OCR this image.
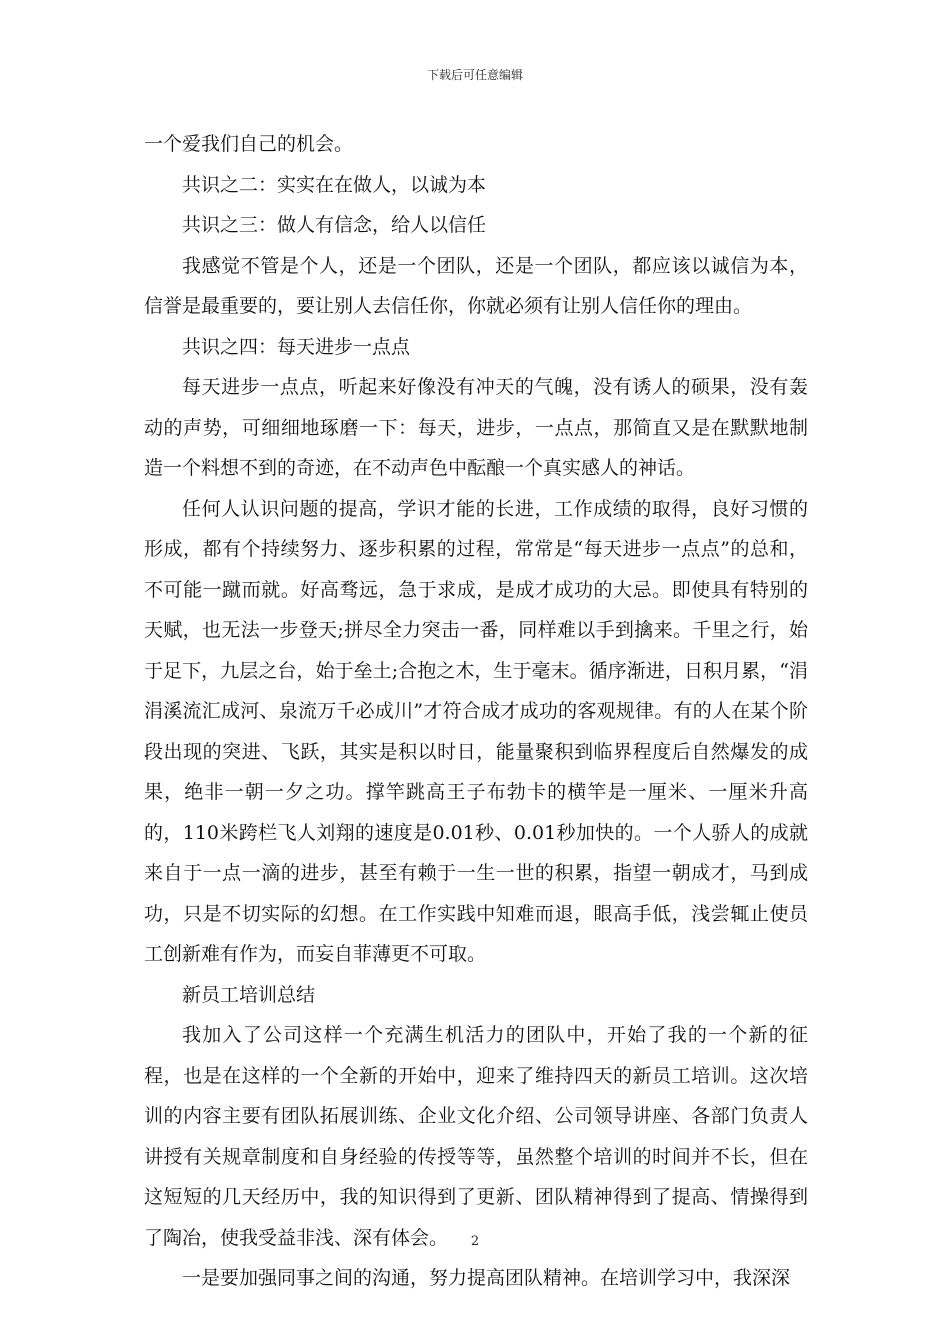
下载后可任意编辑

一个爱我们自己的机会。

共识之二：实实在在做人，以诚为本

共识之三：做人有信念，给人以信任

我感觉不管是个人，还是一个团队，还是一个团队，都应该以诚信为本，信誉是最重要的，要让别人去信任你，你就必须有让别人信任你的理由。

共识之四：每天进步一点点

每天进步一点点，听起来好像没有冲天的气魄，没有诱人的硕果，没有轰动的声势，可细细地琢磨一下：每天，进步，一点点，那简直又是在默默地制造一个料想不到的奇迹，在不动声色中酝酿一个真实感人的神话。

任何人认识问题的提高，学识才能的长进，工作成绩的取得，良好习惯的形成，都有个持续努力、逐步积累的过程，常常是“每天进步一点点”的总和，不可能一蹴而就。好高骛远，急于求成，是成才成功的大忌。即使具有特别的天赋，也无法一步登天;拼尽全力突击一番，同样难以手到擒来。千里之行，始于足下，九层之台，始于垒土;合抱之木，生于毫末。循序渐进，日积月累，“涓涓溪流汇成河、泉流万千必成川”才符合成才成功的客观规律。有的人在某个阶段出现的突进、飞跃，其实是积以时日，能量聚积到临界程度后自然爆发的成果，绝非一朝一夕之功。撑竿跳高王子布勃卡的横竿是一厘米、一厘米升高的，110米跨栏飞人刘翔的速度是0.01秒、0.01秒加快的。一个人骄人的成就来自于一点一滴的进步，甚至有赖于一生一世的积累，指望一朝成才，马到成功，只是不切实际的幻想。在工作实践中知难而退，眼高手低，浅尝辄止使员工创新难有作为，而妄自菲薄更不可取。

新员工培训总结

我加入了公司这样一个充满生机活力的团队中，开始了我的一个新的征程，也是在这样的一个全新的开始中，迎来了维持四天的新员工培训。这次培训的内容主要有团队拓展训练、企业文化介绍、公司领导讲座、各部门负责人讲授有关规章制度和自身经验的传授等等，虽然整个培训的时间并不长，但在这短短的几天经历中，我的知识得到了更新、团队精神得到了提高、情操得到了陶冶，使我受益非浅、深有体会。

一是要加强同事之间的沟通，努力提高团队精神。在培训学习中，我深深

2
